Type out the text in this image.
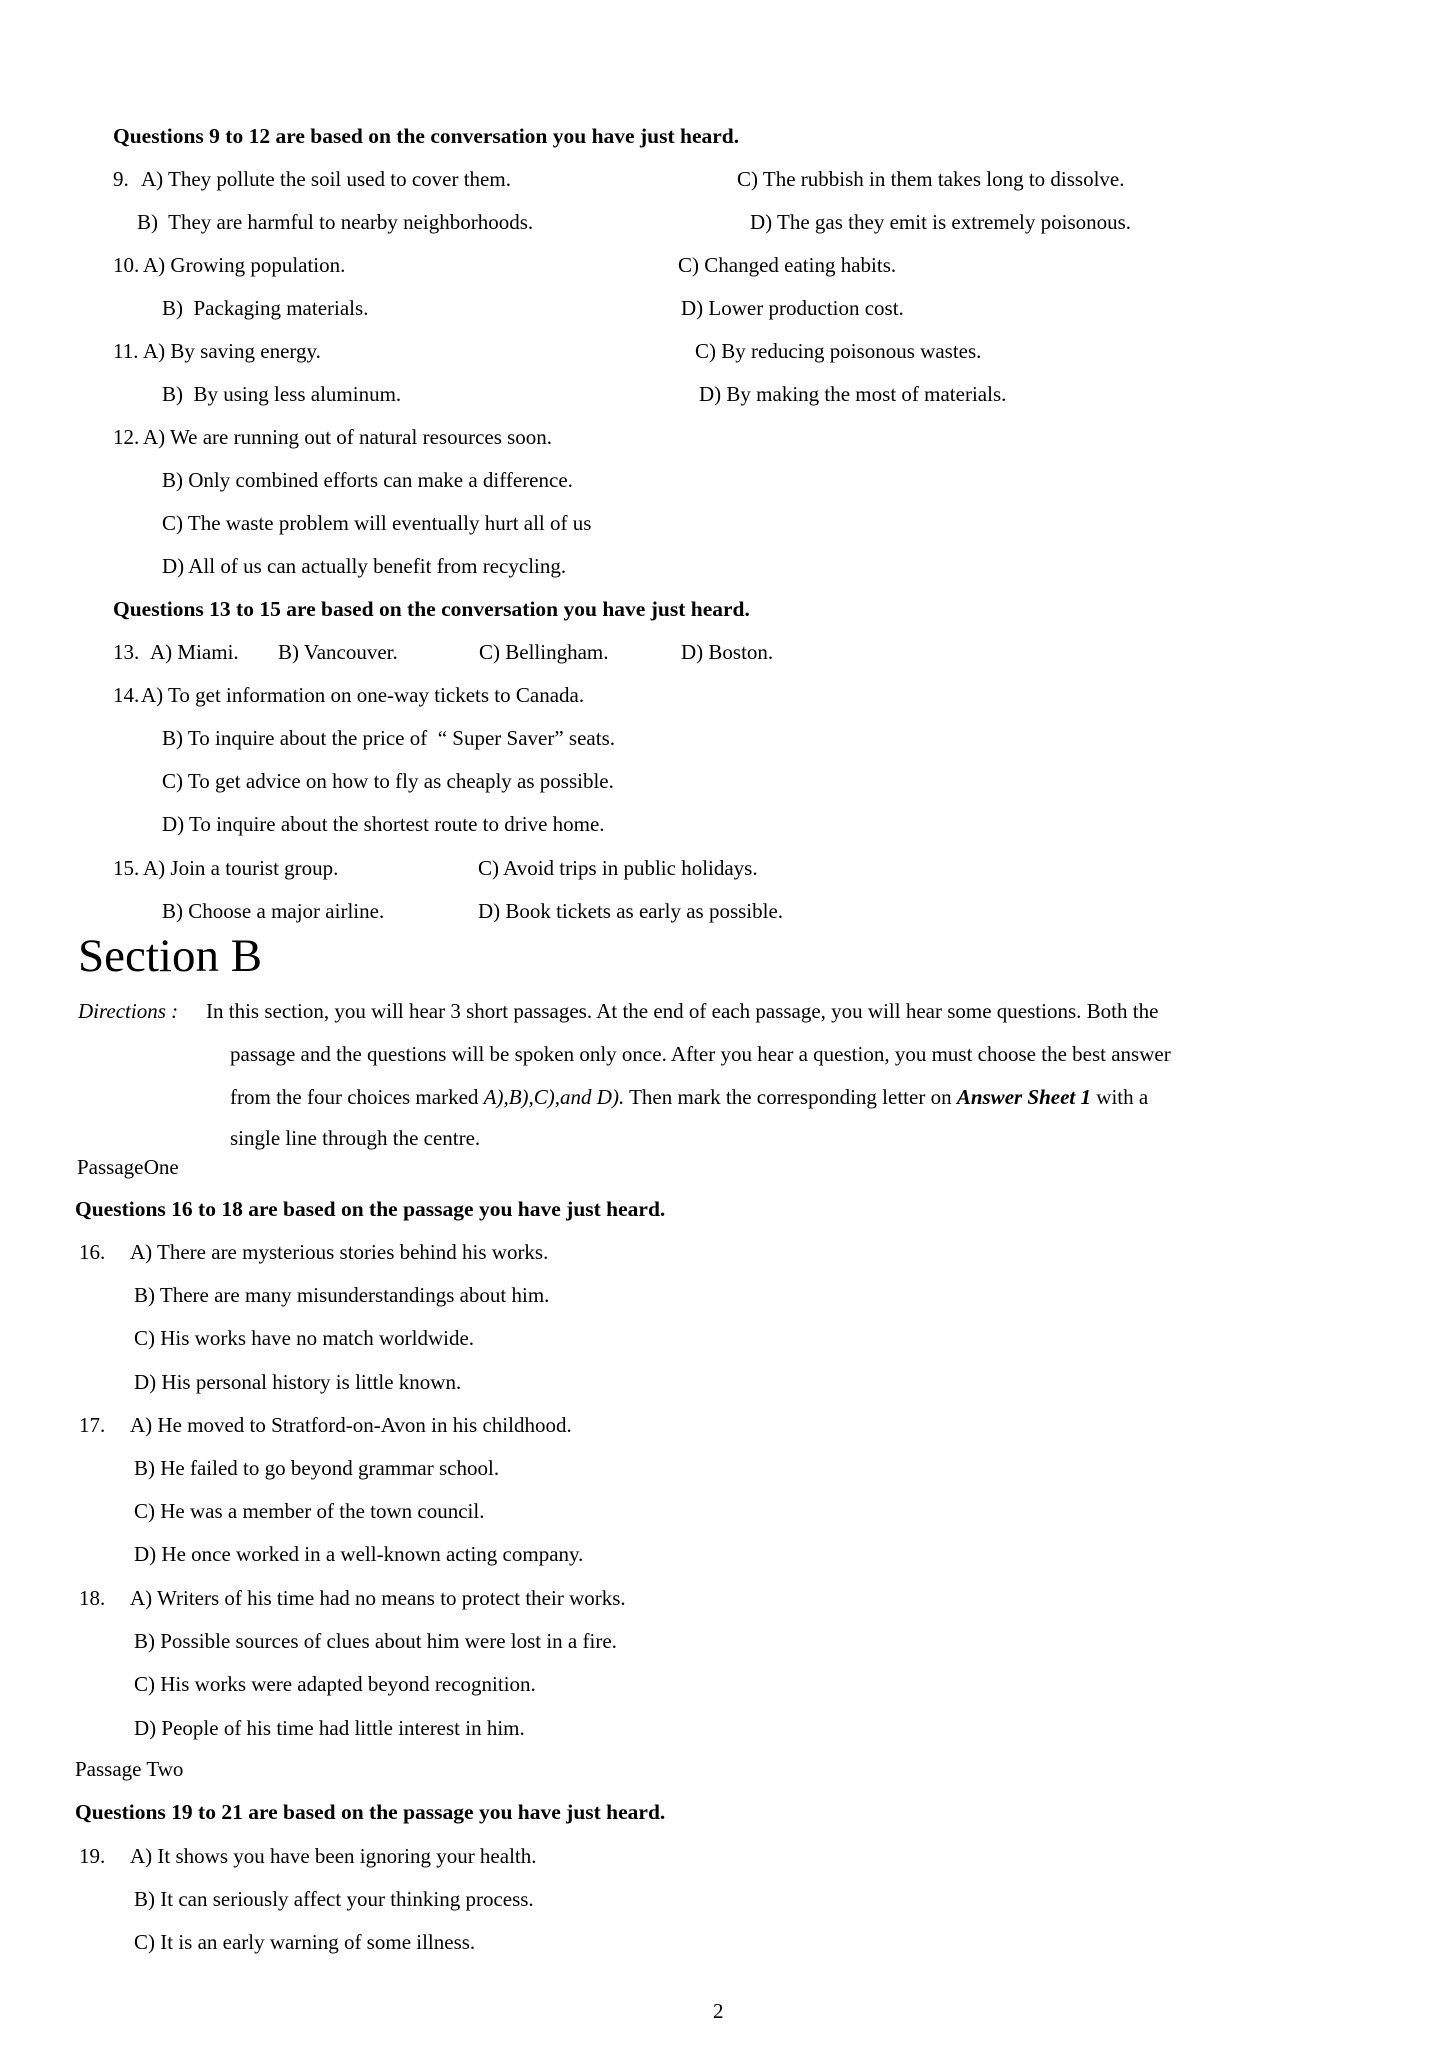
Questions 9 to 12 are based on the conversation you have just heard.
9. A) They pollute the soil used to cover them.	C) The rubbish in them takes long to dissolve.
B)  They are harmful to nearby neighborhoods.	D) The gas they emit is extremely poisonous.
10. A) Growing population.	C) Changed eating habits.
B)  Packaging materials.	D) Lower production cost.
11. A) By saving energy.	C) By reducing poisonous wastes.
B)  By using less aluminum.	D) By making the most of materials.
12. A) We are running out of natural resources soon.
B) Only combined efforts can make a difference.
C) The waste problem will eventually hurt all of us
D) All of us can actually benefit from recycling.
Questions 13 to 15 are based on the conversation you have just heard.
13. A) Miami. B) Vancouver.	C) Bellingham.	D) Boston.
14. A) To get information on one-way tickets to Canada.
B) To inquire about the price of  “ Super Saver” seats.
C) To get advice on how to fly as cheaply as possible.
D) To inquire about the shortest route to drive home.
15. A) Join a tourist group.	C) Avoid trips in public holidays.
B) Choose a major airline.	D) Book tickets as early as possible.
Section B
Directions : In this section, you will hear 3 short passages. At the end of each passage, you will hear some questions. Both the
passage and the questions will be spoken only once. After you hear a question, you must choose the best answer
from the four choices marked A),B),C),and D). Then mark the corresponding letter on Answer Sheet 1 with a
single line through the centre.
Passage One
Questions 16 to 18 are based on the passage you have just heard.
16. A) There are mysterious stories behind his works.
B) There are many misunderstandings about him.
C) His works have no match worldwide.
D) His personal history is little known.
17. A) He moved to Stratford-on-Avon in his childhood.
B) He failed to go beyond grammar school.
C) He was a member of the town council.
D) He once worked in a well-known acting company.
18. A) Writers of his time had no means to protect their works.
B) Possible sources of clues about him were lost in a fire.
C) His works were adapted beyond recognition.
D) People of his time had little interest in him.
Passage Two
Questions 19 to 21 are based on the passage you have just heard.
19. A) It shows you have been ignoring your health.
B) It can seriously affect your thinking process.
C) It is an early warning of some illness.
2
